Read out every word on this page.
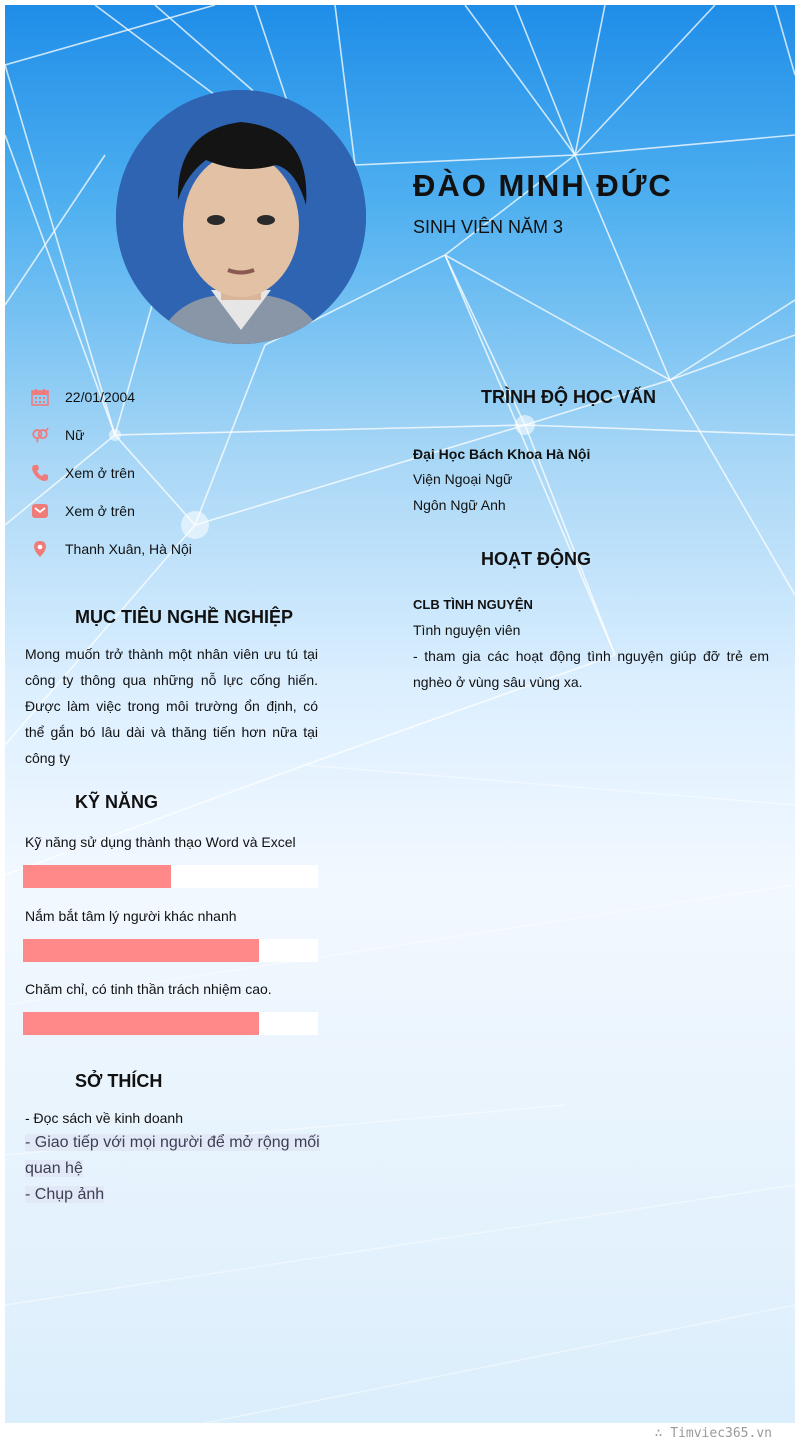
ĐÀO MINH ĐỨC
SINH VIÊN NĂM 3
22/01/2004
Nữ
Xem ở trên
Xem ở trên
Thanh Xuân, Hà Nội
MỤC TIÊU NGHỀ NGHIỆP
Mong muốn trở thành một nhân viên ưu tú tại công ty thông qua những nỗ lực cống hiến. Được làm việc trong môi trường ổn định, có thể gắn bó lâu dài và thăng tiến hơn nữa tại công ty
KỸ NĂNG
Kỹ năng sử dụng thành thạo Word và Excel
Nắm bắt tâm lý người khác nhanh
Chăm chỉ, có tinh thần trách nhiệm cao.
SỞ THÍCH
- Đọc sách về kinh doanh
- Giao tiếp với mọi người để mở rộng mối quan hệ
- Chụp ảnh
TRÌNH ĐỘ HỌC VẤN
Đại Học Bách Khoa Hà Nội
Viện Ngoại Ngữ
Ngôn Ngữ Anh
HOẠT ĐỘNG
CLB TÌNH NGUYỆN
Tình nguyện viên
- tham gia các hoạt động tình nguyện giúp đỡ trẻ em nghèo ở vùng sâu vùng xa.
∴ Timviec365.vn
